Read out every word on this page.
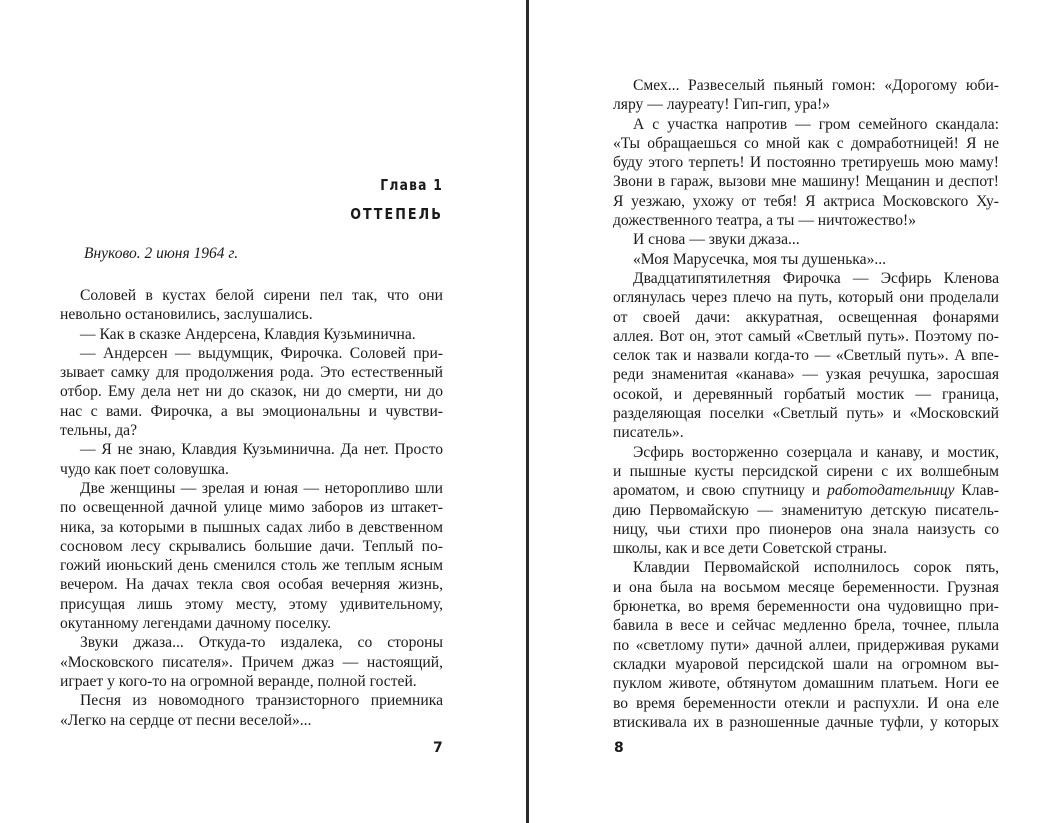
Глава 1
ОТТЕПЕЛЬ
Внуково. 2 июня 1964 г.
Соловей в кустах белой сирени пел так, что они
невольно остановились, заслушались.
— Как в сказке Андерсена, Клавдия Кузьминична.
— Андерсен — выдумщик, Фирочка. Соловей при-
зывает самку для продолжения рода. Это естественный
отбор. Ему дела нет ни до сказок, ни до смерти, ни до
нас с вами. Фирочка, а вы эмоциональны и чувстви-
тельны, да?
— Я не знаю, Клавдия Кузьминична. Да нет. Просто
чудо как поет соловушка.
Две женщины — зрелая и юная — неторопливо шли
по освещенной дачной улице мимо заборов из штакет-
ника, за которыми в пышных садах либо в девственном
сосновом лесу скрывались большие дачи. Теплый по-
гожий июньский день сменился столь же теплым ясным
вечером. На дачах текла своя особая вечерняя жизнь,
присущая лишь этому месту, этому удивительному,
окутанному легендами дачному поселку.
Звуки джаза... Откуда-то издалека, со стороны
«Московского писателя». Причем джаз — настоящий,
играет у кого-то на огромной веранде, полной гостей.
Песня из новомодного транзисторного приемника
«Легко на сердце от песни веселой»...
7
Смех... Развеселый пьяный гомон: «Дорогому юби-
ляру — лауреату! Гип-гип, ура!»
А с участка напротив — гром семейного скандала:
«Ты обращаешься со мной как с домработницей! Я не
буду этого терпеть! И постоянно третируешь мою маму!
Звони в гараж, вызови мне машину! Мещанин и деспот!
Я уезжаю, ухожу от тебя! Я актриса Московского Ху-
дожественного театра, а ты — ничтожество!»
И снова — звуки джаза...
«Моя Марусечка, моя ты душенька»...
Двадцатипятилетняя Фирочка — Эсфирь Кленова
оглянулась через плечо на путь, который они проделали
от своей дачи: аккуратная, освещенная фонарями
аллея. Вот он, этот самый «Светлый путь». Поэтому по-
селок так и назвали когда-то — «Светлый путь». А впе-
реди знаменитая «канава» — узкая речушка, заросшая
осокой, и деревянный горбатый мостик — граница,
разделяющая поселки «Светлый путь» и «Московский
писатель».
Эсфирь восторженно созерцала и канаву, и мостик,
и пышные кусты персидской сирени с их волшебным
ароматом, и свою спутницу и работодательницу Клав-
дию Первомайскую — знаменитую детскую писатель-
ницу, чьи стихи про пионеров она знала наизусть со
школы, как и все дети Советской страны.
Клавдии Первомайской исполнилось сорок пять,
и она была на восьмом месяце беременности. Грузная
брюнетка, во время беременности она чудовищно при-
бавила в весе и сейчас медленно брела, точнее, плыла
по «светлому пути» дачной аллеи, придерживая руками
складки муаровой персидской шали на огромном вы-
пуклом животе, обтянутом домашним платьем. Ноги ее
во время беременности отекли и распухли. И она еле
втискивала их в разношенные дачные туфли, у которых
8
